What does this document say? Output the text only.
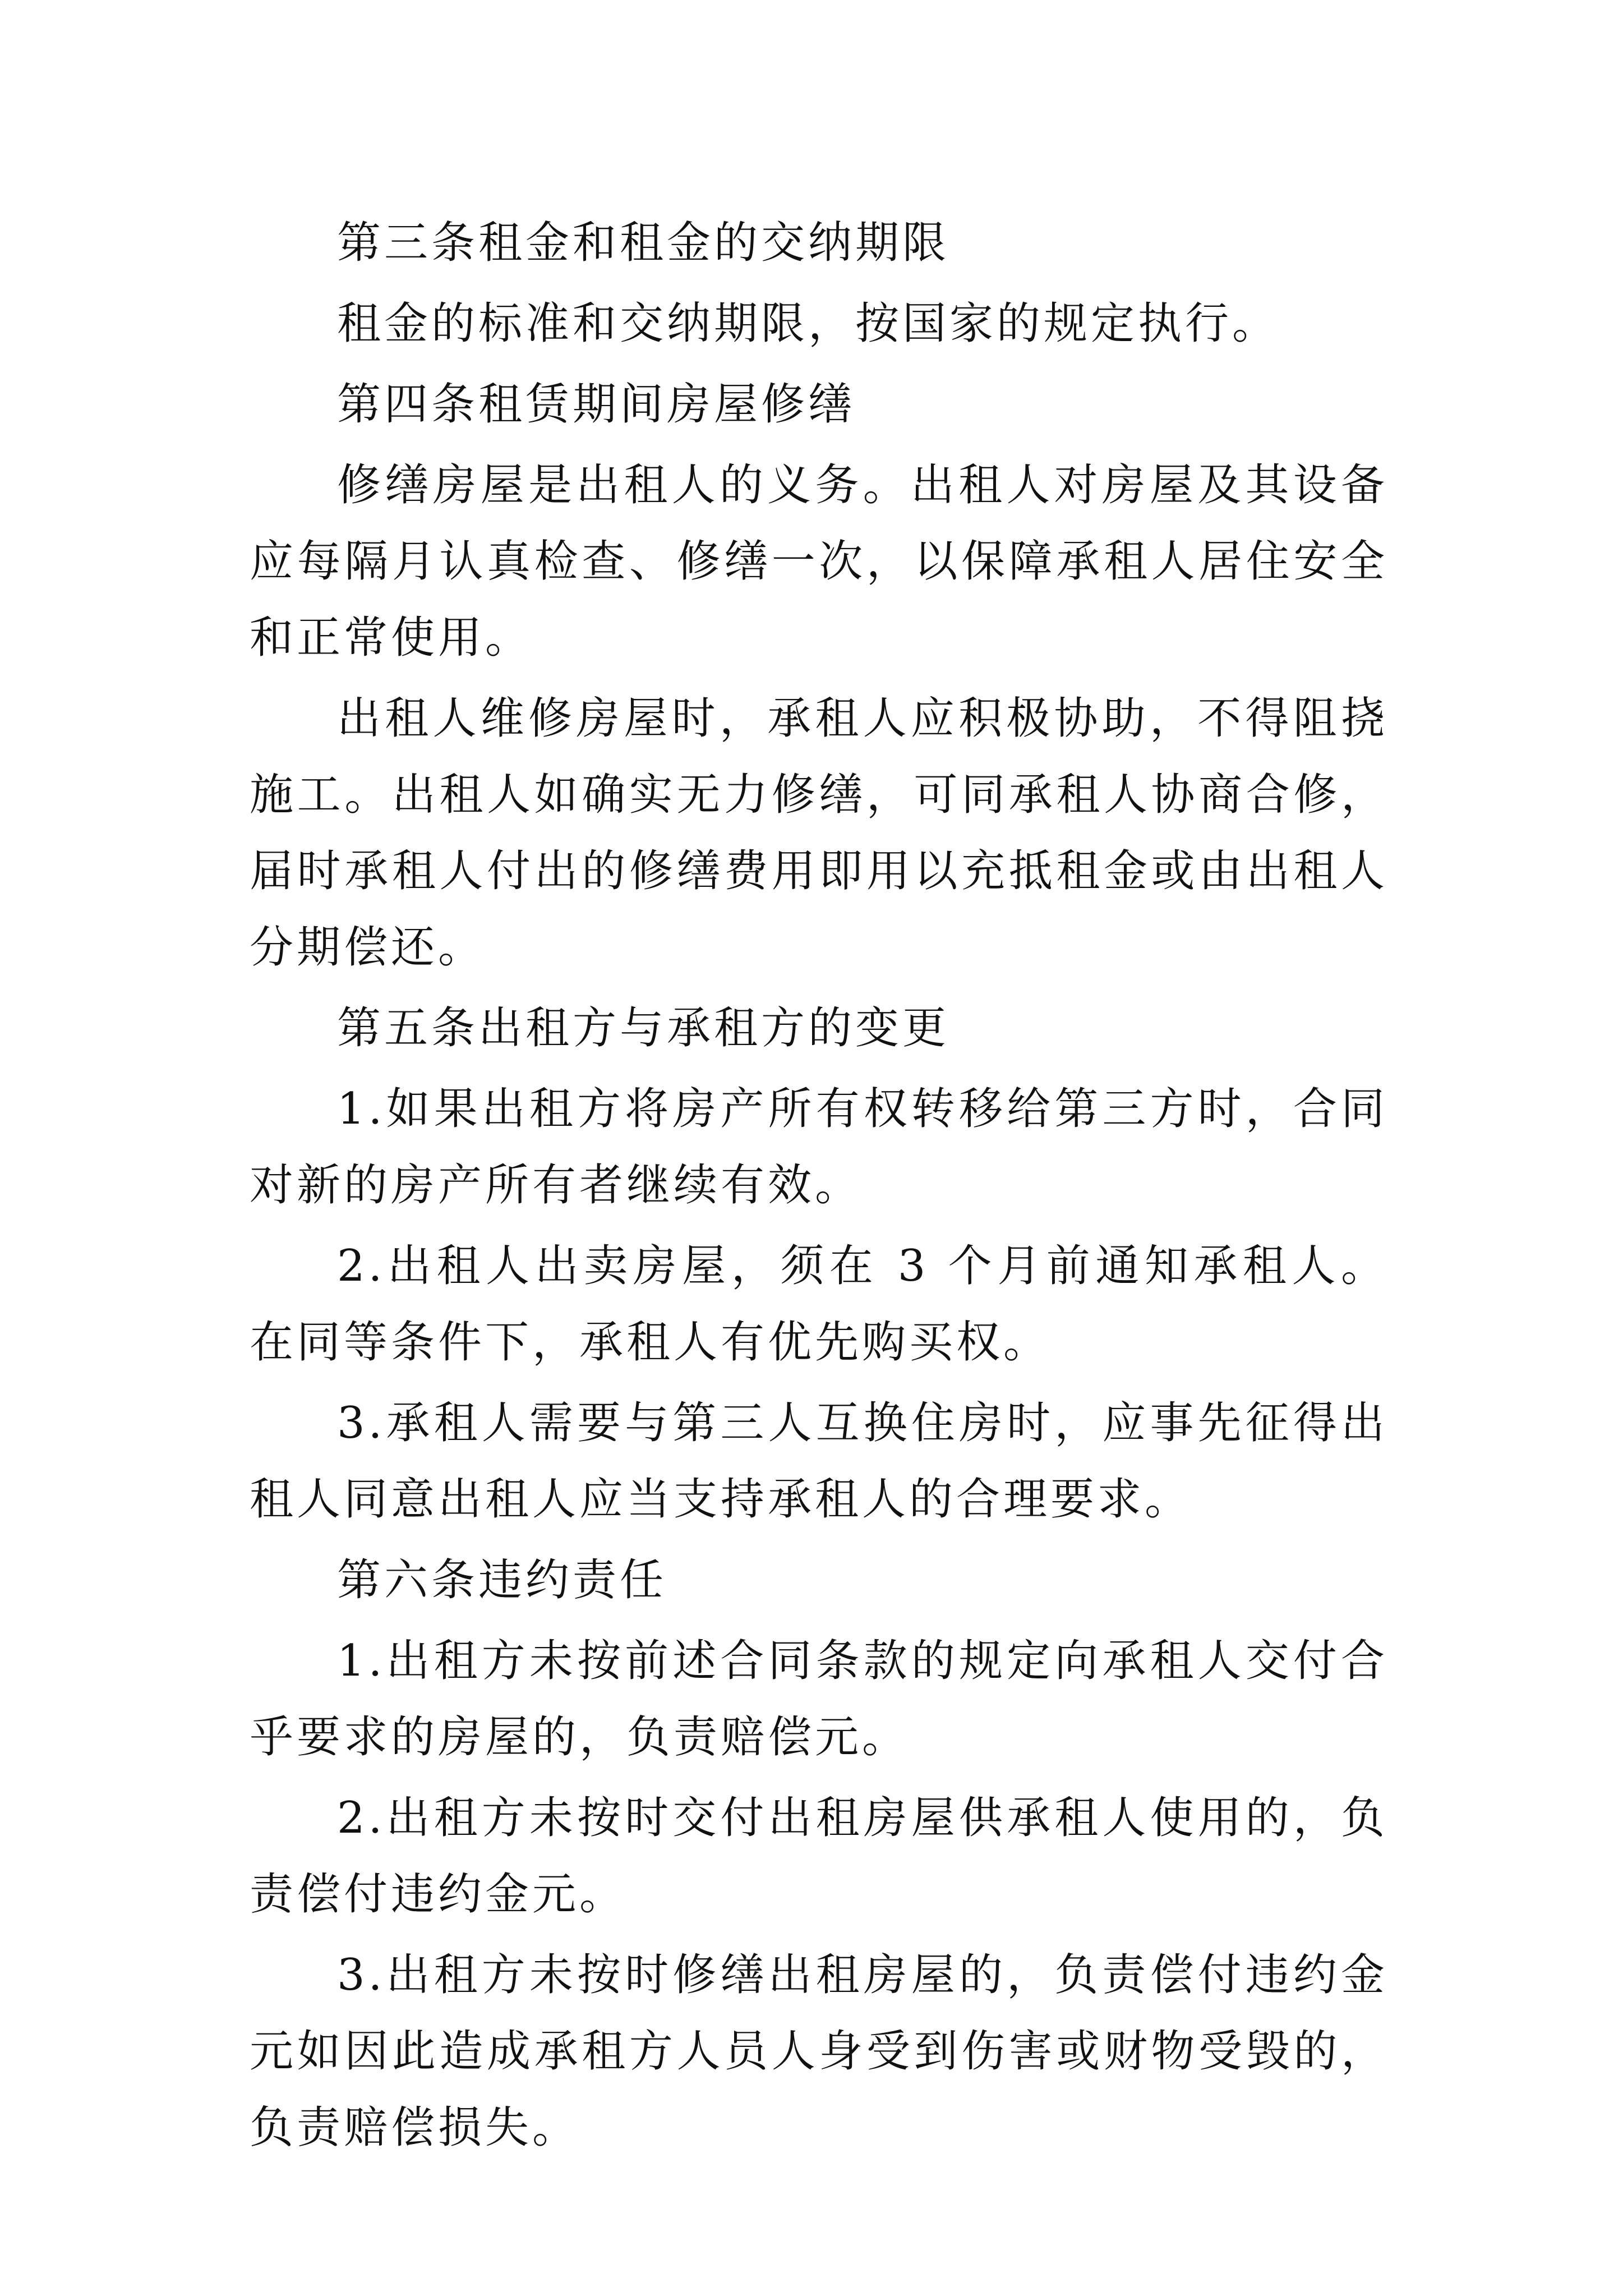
第三条租金和租金的交纳期限

租金的标准和交纳期限，按国家的规定执行。

第四条租赁期间房屋修缮

修缮房屋是出租人的义务。出租人对房屋及其设备应每隔月认真检查、修缮一次，以保障承租人居住安全和正常使用。

出租人维修房屋时，承租人应积极协助，不得阻挠施工。出租人如确实无力修缮，可同承租人协商合修，届时承租人付出的修缮费用即用以充抵租金或由出租人分期偿还。

第五条出租方与承租方的变更

1.如果出租方将房产所有权转移给第三方时，合同对新的房产所有者继续有效。

2.出租人出卖房屋，须在 3 个月前通知承租人。在同等条件下，承租人有优先购买权。

3.承租人需要与第三人互换住房时，应事先征得出租人同意出租人应当支持承租人的合理要求。

第六条违约责任

1.出租方未按前述合同条款的规定向承租人交付合乎要求的房屋的，负责赔偿元。

2.出租方未按时交付出租房屋供承租人使用的，负责偿付违约金元。

3.出租方未按时修缮出租房屋的，负责偿付违约金元如因此造成承租方人员人身受到伤害或财物受毁的，负责赔偿损失。
